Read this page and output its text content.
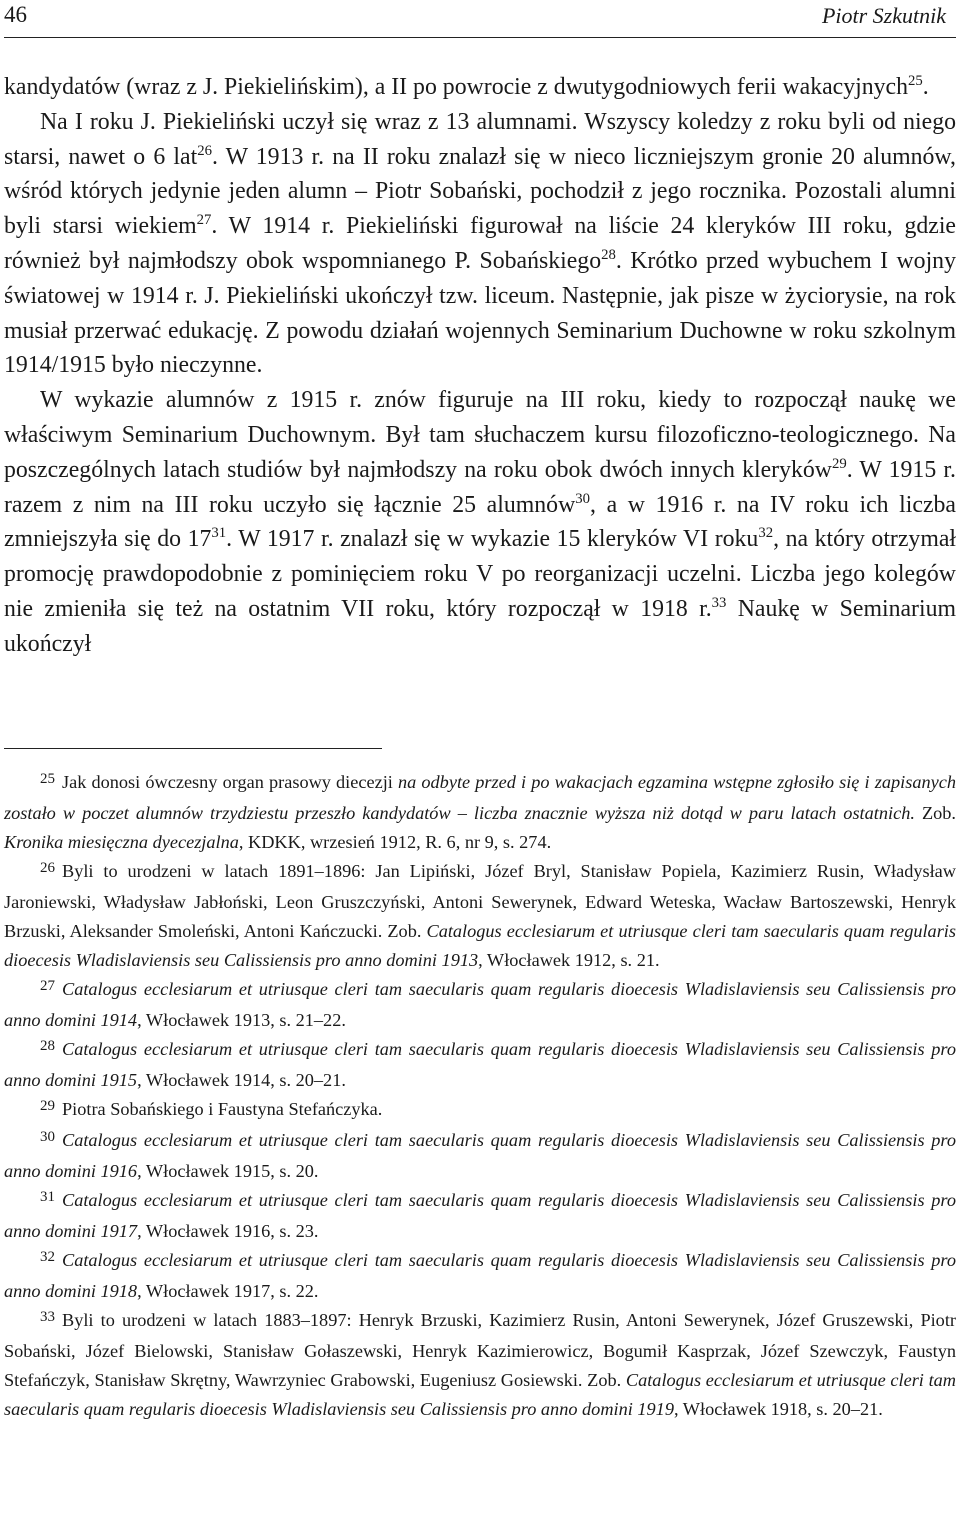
46	Piotr Szkutnik

kandydatów (wraz z J. Piekielińskim), a II po powrocie z dwutygodniowych ferii wakacyjnych$^{25}$.

Na I roku J. Piekieliński uczył się wraz z 13 alumnami. Wszyscy koledzy z roku byli od niego starsi, nawet o 6 lat$^{26}$. W 1913 r. na II roku znalazł się w nieco liczniejszym gronie 20 alumnów, wśród których jedynie jeden alumn – Piotr Sobański, pochodził z jego rocznika. Pozostali alumni byli starsi wiekiem$^{27}$. W 1914 r. Piekieliński figurował na liście 24 kleryków III roku, gdzie również był najmłodszy obok wspomnianego P. Sobańskiego$^{28}$. Krótko przed wybuchem I wojny światowej w 1914 r. J. Piekieliński ukończył tzw. liceum. Następnie, jak pisze w życiorysie, na rok musiał przerwać edukację. Z powodu działań wojennych Seminarium Duchowne w roku szkolnym 1914/1915 było nieczynne.

W wykazie alumnów z 1915 r. znów figuruje na III roku, kiedy to rozpoczął naukę we właściwym Seminarium Duchownym. Był tam słuchaczem kursu filozoficzno-teologicznego. Na poszczególnych latach studiów był najmłodszy na roku obok dwóch innych kleryków$^{29}$. W 1915 r. razem z nim na III roku uczyło się łącznie 25 alumnów$^{30}$, a w 1916 r. na IV roku ich liczba zmniejszyła się do $17^{31}$. W 1917 r. znalazł się w wykazie 15 kleryków VI roku$^{32}$, na który otrzymał promocję prawdopodobnie z pominięciem roku V po reorganizacji uczelni. Liczba jego kolegów nie zmieniła się też na ostatnim VII roku, który rozpoczął w 1918 r.$^{33}$ Naukę w Seminarium ukończył

$^{25}$ Jak donosi ówczesny organ prasowy diecezji na odbyte przed i po wakacjach egzamina wstępne zgłosiło się i zapisanych zostało w poczet alumnów trzydziestu przeszło kandydatów – liczba znacznie wyższa niż dotąd w paru latach ostatnich. Zob. Kronika miesięczna dyecezjalna, KDKK, wrzesień 1912, R. 6, nr 9, s. 274.

$^{26}$ Byli to urodzeni w latach 1891–1896: Jan Lipiński, Józef Bryl, Stanisław Popiela, Kazimierz Rusin, Władysław Jaroniewski, Władysław Jabłoński, Leon Gruszczyński, Antoni Sewerynek, Edward Weteska, Wacław Bartoszewski, Henryk Brzuski, Aleksander Smoleński, Antoni Kańczucki. Zob. Catalogus ecclesiarum et utriusque cleri tam saecularis quam regularis dioecesis Wladislaviensis seu Calissiensis pro anno domini 1913, Włocławek 1912, s. 21.

$^{27}$ Catalogus ecclesiarum et utriusque cleri tam saecularis quam regularis dioecesis Wladislaviensis seu Calissiensis pro anno domini 1914, Włocławek 1913, s. 21–22.

$^{28}$ Catalogus ecclesiarum et utriusque cleri tam saecularis quam regularis dioecesis Wladislaviensis seu Calissiensis pro anno domini 1915, Włocławek 1914, s. 20–21.

$^{29}$ Piotra Sobańskiego i Faustyna Stefańczyka.

$^{30}$ Catalogus ecclesiarum et utriusque cleri tam saecularis quam regularis dioecesis Wladislaviensis seu Calissiensis pro anno domini 1916, Włocławek 1915, s. 20.

$^{31}$ Catalogus ecclesiarum et utriusque cleri tam saecularis quam regularis dioecesis Wladislaviensis seu Calissiensis pro anno domini 1917, Włocławek 1916, s. 23.

$^{32}$ Catalogus ecclesiarum et utriusque cleri tam saecularis quam regularis dioecesis Wladislaviensis seu Calissiensis pro anno domini 1918, Włocławek 1917, s. 22.

$^{33}$ Byli to urodzeni w latach 1883–1897: Henryk Brzuski, Kazimierz Rusin, Antoni Sewerynek, Józef Gruszewski, Piotr Sobański, Józef Bielowski, Stanisław Gołaszewski, Henryk Kazimierowicz, Bogumił Kasprzak, Józef Szewczyk, Faustyn Stefańczyk, Stanisław Skrętny, Wawrzyniec Grabowski, Eugeniusz Gosiewski. Zob. Catalogus ecclesiarum et utriusque cleri tam saecularis quam regularis dioecesis Wladislaviensis seu Calissiensis pro anno domini 1919, Włocławek 1918, s. 20–21.
